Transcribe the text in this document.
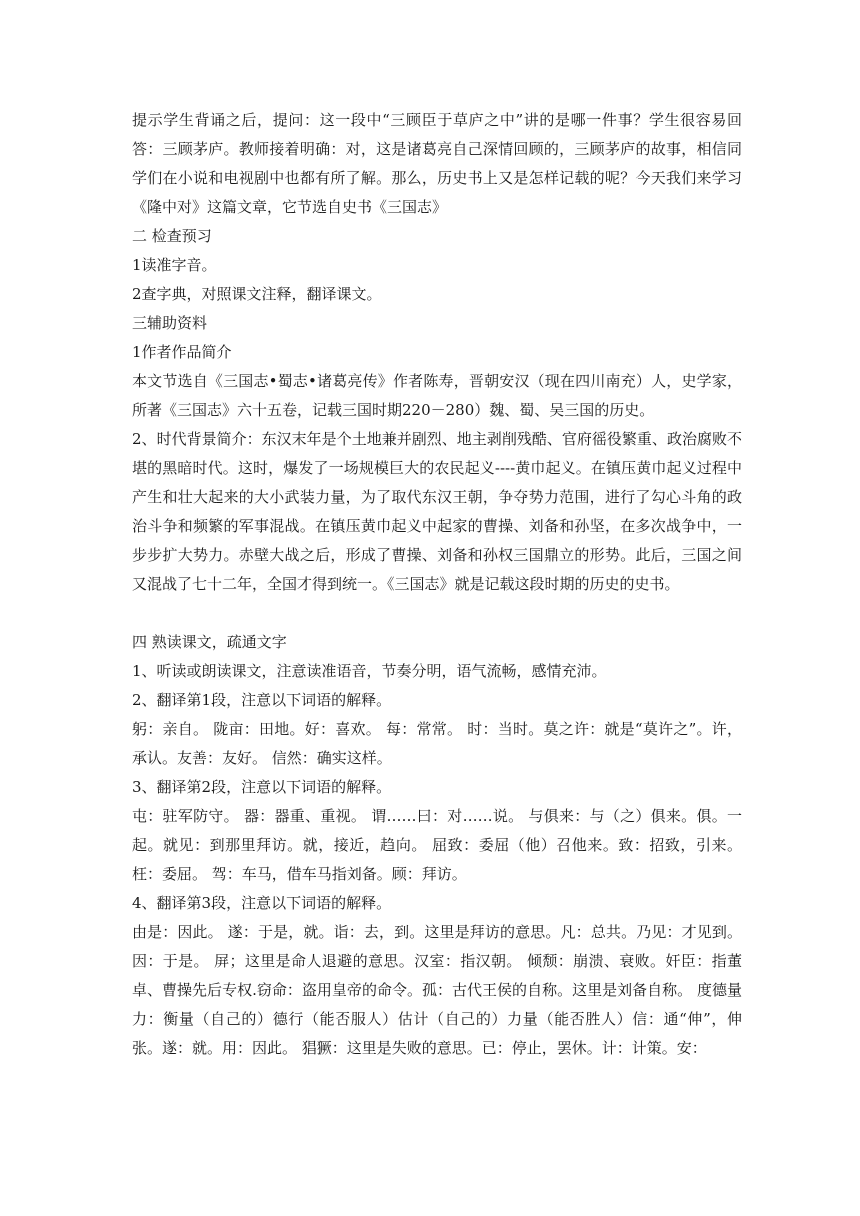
提示学生背诵之后，提问：这一段中“三顾臣于草庐之中”讲的是哪一件事？学生很容易回答：三顾茅庐。教师接着明确：对，这是诸葛亮自己深情回顾的，三顾茅庐的故事，相信同学们在小说和电视剧中也都有所了解。那么，历史书上又是怎样记载的呢？今天我们来学习《隆中对》这篇文章，它节选自史书《三国志》

二 检查预习

1读准字音。

2查字典，对照课文注释，翻译课文。

三辅助资料

1作者作品简介

本文节选自《三国志•蜀志•诸葛亮传》作者陈寿，晋朝安汉（现在四川南充）人，史学家，所著《三国志》六十五卷，记载三国时期220－280）魏、蜀、吴三国的历史。

2、时代背景简介：东汉末年是个土地兼并剧烈、地主剥削残酷、官府徭役繁重、政治腐败不堪的黑暗时代。这时，爆发了一场规模巨大的农民起义----黄巾起义。在镇压黄巾起义过程中产生和壮大起来的大小武装力量，为了取代东汉王朝，争夺势力范围，进行了勾心斗角的政治斗争和频繁的军事混战。在镇压黄巾起义中起家的曹操、刘备和孙坚，在多次战争中，一步步扩大势力。赤壁大战之后，形成了曹操、刘备和孙权三国鼎立的形势。此后，三国之间又混战了七十二年，全国才得到统一。《三国志》就是记载这段时期的历史的史书。

四 熟读课文，疏通文字

1、听读或朗读课文，注意读准语音，节奏分明，语气流畅，感情充沛。

2、翻译第1段，注意以下词语的解释。

躬：亲自。 陇亩：田地。好：喜欢。 每：常常。 时：当时。莫之许：就是“莫许之”。许，承认。友善：友好。 信然：确实这样。

3、翻译第2段，注意以下词语的解释。

屯：驻军防守。 器：器重、重视。 谓……曰：对……说。 与俱来：与（之）俱来。俱。一起。就见：到那里拜访。就，接近，趋向。 屈致：委屈（他）召他来。致：招致，引来。枉：委屈。 驾：车马，借车马指刘备。顾：拜访。

4、翻译第3段，注意以下词语的解释。

由是：因此。 遂：于是，就。诣：去，到。这里是拜访的意思。凡：总共。乃见：才见到。因：于是。 屏；这里是命人退避的意思。汉室：指汉朝。 倾颓：崩溃、衰败。奸臣：指董卓、曹操先后专权.窃命：盗用皇帝的命令。孤：古代王侯的自称。这里是刘备自称。 度德量力：衡量（自己的）德行（能否服人）估计（自己的）力量（能否胜人）信：通“伸”，伸张。遂：就。用：因此。 猖獗：这里是失败的意思。已：停止，罢休。计：计策。安：
